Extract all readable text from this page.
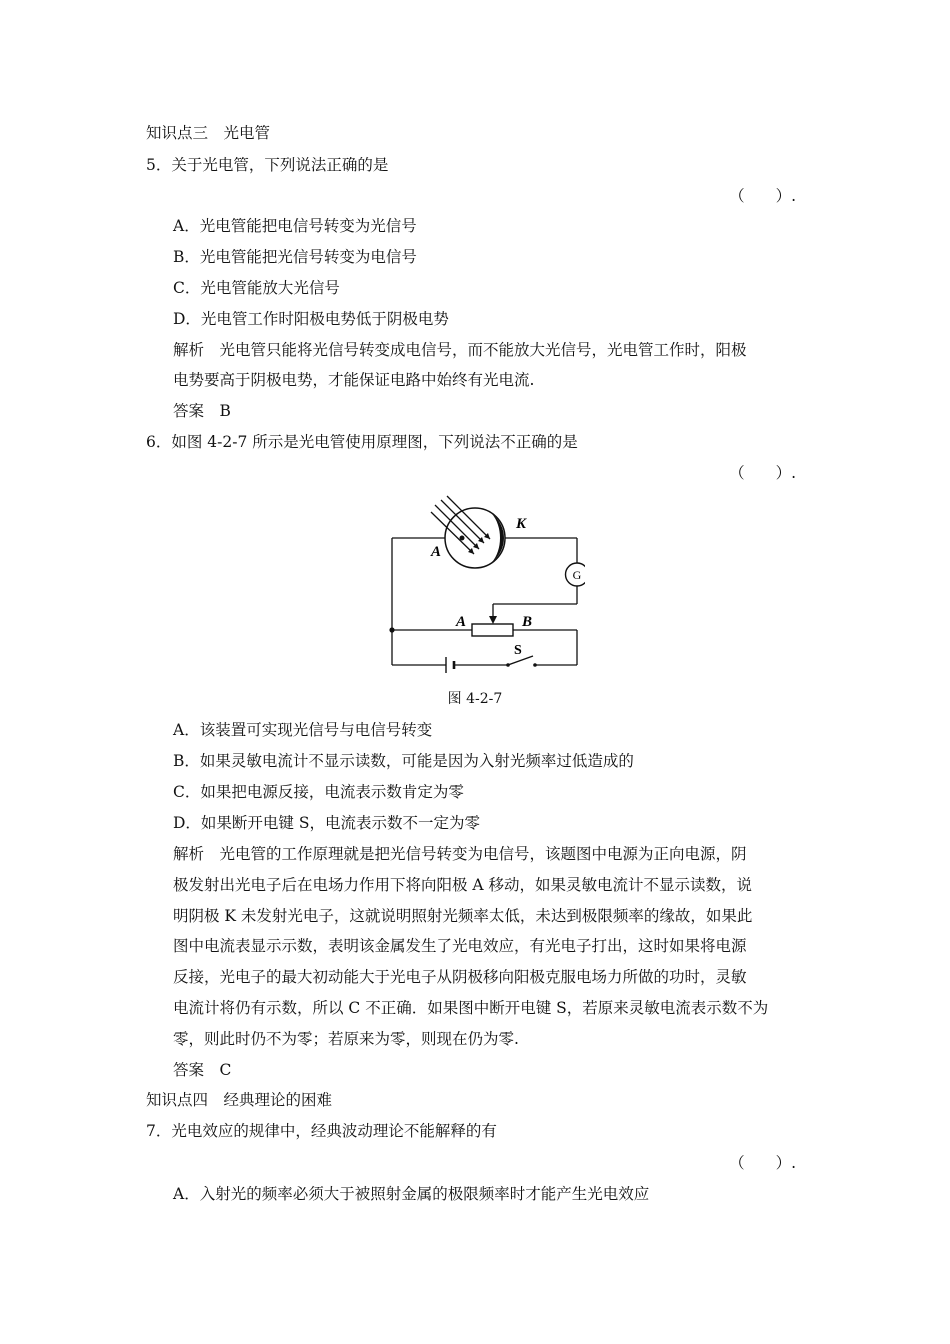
知识点三　光电管
5．关于光电管，下列说法正确的是
（　　）.
A．光电管能把电信号转变为光信号
B．光电管能把光信号转变为电信号
C．光电管能放大光信号
D．光电管工作时阳极电势低于阴极电势
解析　光电管只能将光信号转变成电信号，而不能放大光信号，光电管工作时，阳极
电势要高于阴极电势，才能保证电路中始终有光电流.
答案　B
6．如图 4-2-7 所示是光电管使用原理图，下列说法不正确的是
（　　）.
K
A
G
A	B
S
图 4-2-7
A．该装置可实现光信号与电信号转变
B．如果灵敏电流计不显示读数，可能是因为入射光频率过低造成的
C．如果把电源反接，电流表示数肯定为零
D．如果断开电键 S，电流表示数不一定为零
解析　光电管的工作原理就是把光信号转变为电信号，该题图中电源为正向电源，阴
极发射出光电子后在电场力作用下将向阳极 A 移动，如果灵敏电流计不显示读数，说
明阴极 K 未发射光电子，这就说明照射光频率太低，未达到极限频率的缘故，如果此
图中电流表显示示数，表明该金属发生了光电效应，有光电子打出，这时如果将电源
反接，光电子的最大初动能大于光电子从阴极移向阳极克服电场力所做的功时，灵敏
电流计将仍有示数，所以 C 不正确．如果图中断开电键 S，若原来灵敏电流表示数不为
零，则此时仍不为零；若原来为零，则现在仍为零.
答案　C
知识点四　经典理论的困难
7．光电效应的规律中，经典波动理论不能解释的有
（　　）.
A．入射光的频率必须大于被照射金属的极限频率时才能产生光电效应
